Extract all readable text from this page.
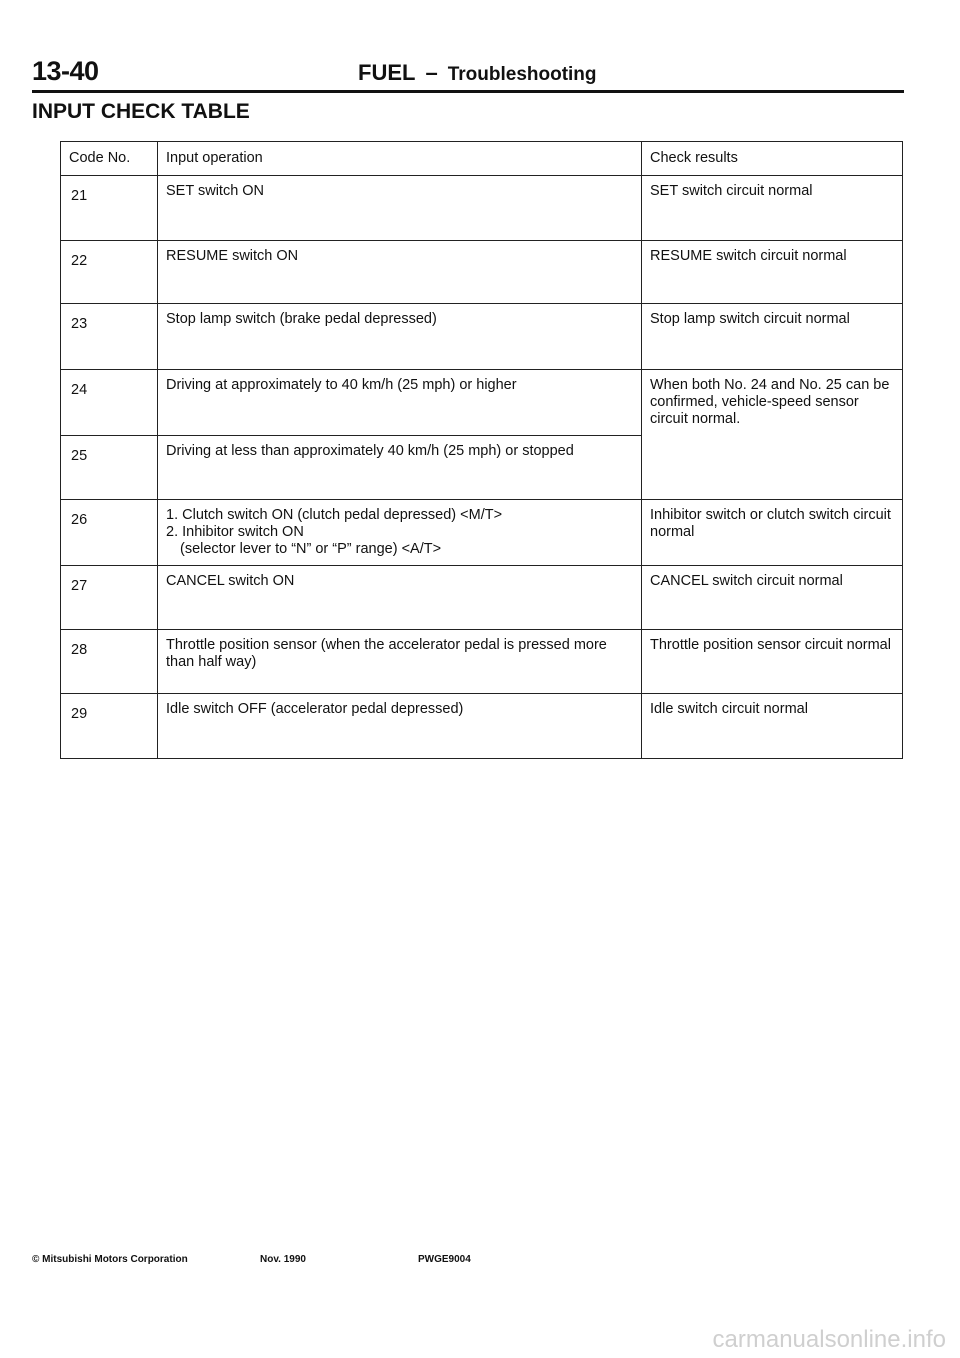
13-40	FUEL – Troubleshooting
INPUT CHECK TABLE
Code No.	Input operation	Check results
21	SET switch ON	SET switch circuit normal
22	RESUME switch ON	RESUME switch circuit normal
23	Stop lamp switch (brake pedal depressed)	Stop lamp switch circuit normal
24	Driving at approximately to 40 km/h (25 mph) or higher	When both No. 24 and No. 25 can be confirmed, vehicle-speed sensor circuit normal.
25	Driving at less than approximately 40 km/h (25 mph) or stopped	
26	1. Clutch switch ON (clutch pedal depressed) <M/T>
2. Inhibitor switch ON
(selector lever to “N” or “P” range) <A/T>	Inhibitor switch or clutch switch circuit normal
27	CANCEL switch ON	CANCEL switch circuit normal
28	Throttle position sensor (when the accelerator pedal is pressed more than half way)	Throttle position sensor circuit normal
29	Idle switch OFF (accelerator pedal depressed)	Idle switch circuit normal
© Mitsubishi Motors Corporation	Nov. 1990	PWGE9004
carmanualsonline.info
